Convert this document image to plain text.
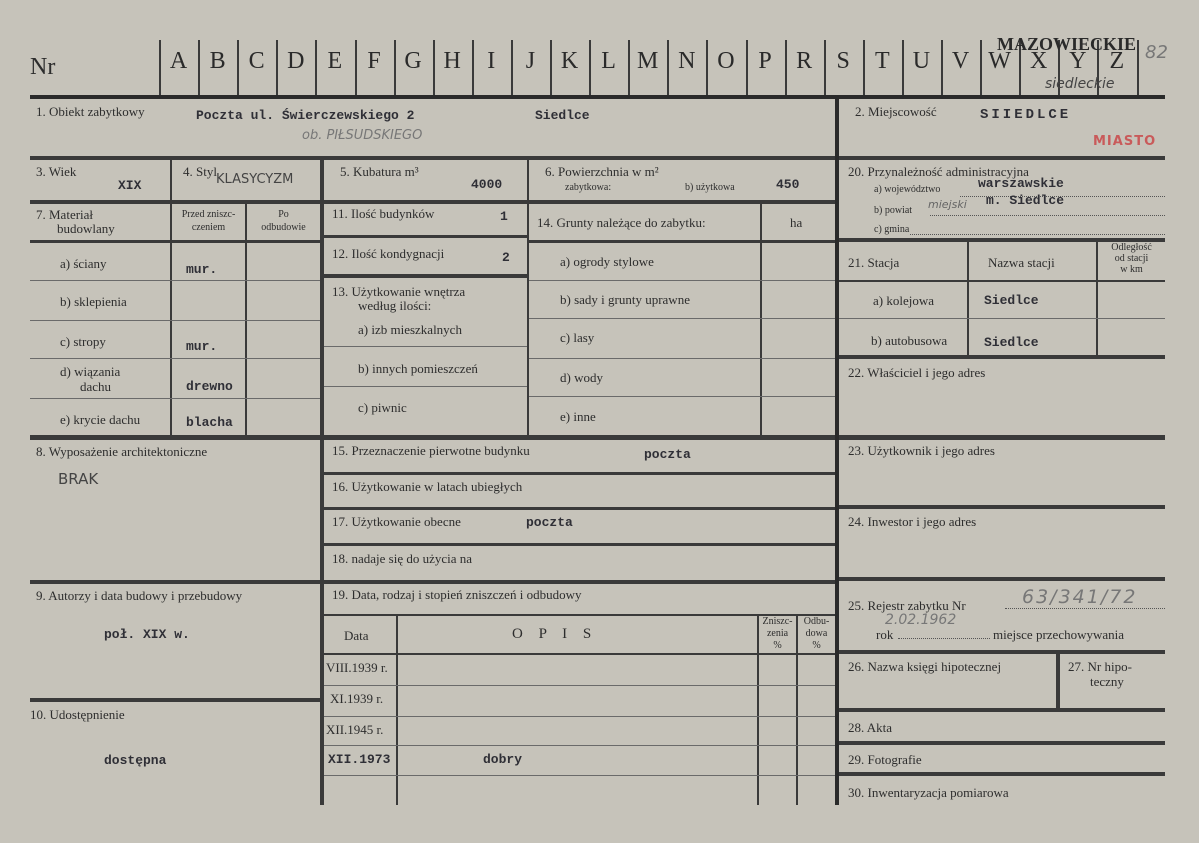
Nr	A B C D E	F G H	I	J	K L M N O P	R	S	T U V W X Y Z
MAZOWIECKIE
siedleckie
82
1. Obiekt zabytkowy	Poczta ul. Świerczewskiego 2	Siedlce
ob. PIŁSUDSKIEGO
2. Miejscowość	SIIEDLCE
MIASTO
3. Wiek
XIX
4. Styl
KLASYCYZM
5. Kubatura m³
4000
6. Powierzchnia w m²
zabytkowa:	b) użytkowa	450
7. Materiał
budowlany
Przed zniszc-
czeniem
Po
odbudowie
a) ściany	mur.
b) sklepienia
c) stropy	mur.
d) wiązania
dachu	drewno
e) krycie dachu	blacha
11. Ilość budynków	1
12. Ilość kondygnacji	2
13. Użytkowanie wnętrza
według ilości:
a) izb mieszkalnych
b) innych pomieszczeń
c) piwnic
14. Grunty należące do zabytku:	ha
a) ogrody stylowe
b) sady i grunty uprawne
c) lasy
d) wody
e) inne
8. Wyposażenie architektoniczne
BRAK
9. Autorzy i data budowy i przebudowy
poł. XIX w.
10. Udostępnienie
dostępna
15. Przeznaczenie pierwotne budynku	poczta
16. Użytkowanie w latach ubiegłych
17. Użytkowanie obecne	poczta
18. nadaje się do użycia na
19. Data, rodzaj i stopień zniszczeń i odbudowy
Data	O P I S
Zniszc-
zenia
%
Odbu-
dowa
%
VIII.1939 r.
XI.1939 r.
XII.1945 r.
XII.1973	dobry
20. Przynależność administracyjna
a) województwo	warszawskie
b) powiat miejski m. Siedlce
c) gmina
21. Stacja	Nazwa stacji
Odległość
od stacji
w km
a) kolejowa	Siedlce
b) autobusowa	Siedlce
22. Właściciel i jego adres
23. Użytkownik i jego adres
24. Inwestor i jego adres
25. Rejestr zabytku Nr	63/341/72
rok
2.02.1962
miejsce przechowywania
26. Nazwa księgi hipotecznej	27. Nr hipo-
teczny
28. Akta
29. Fotografie
30. Inwentaryzacja pomiarowa
